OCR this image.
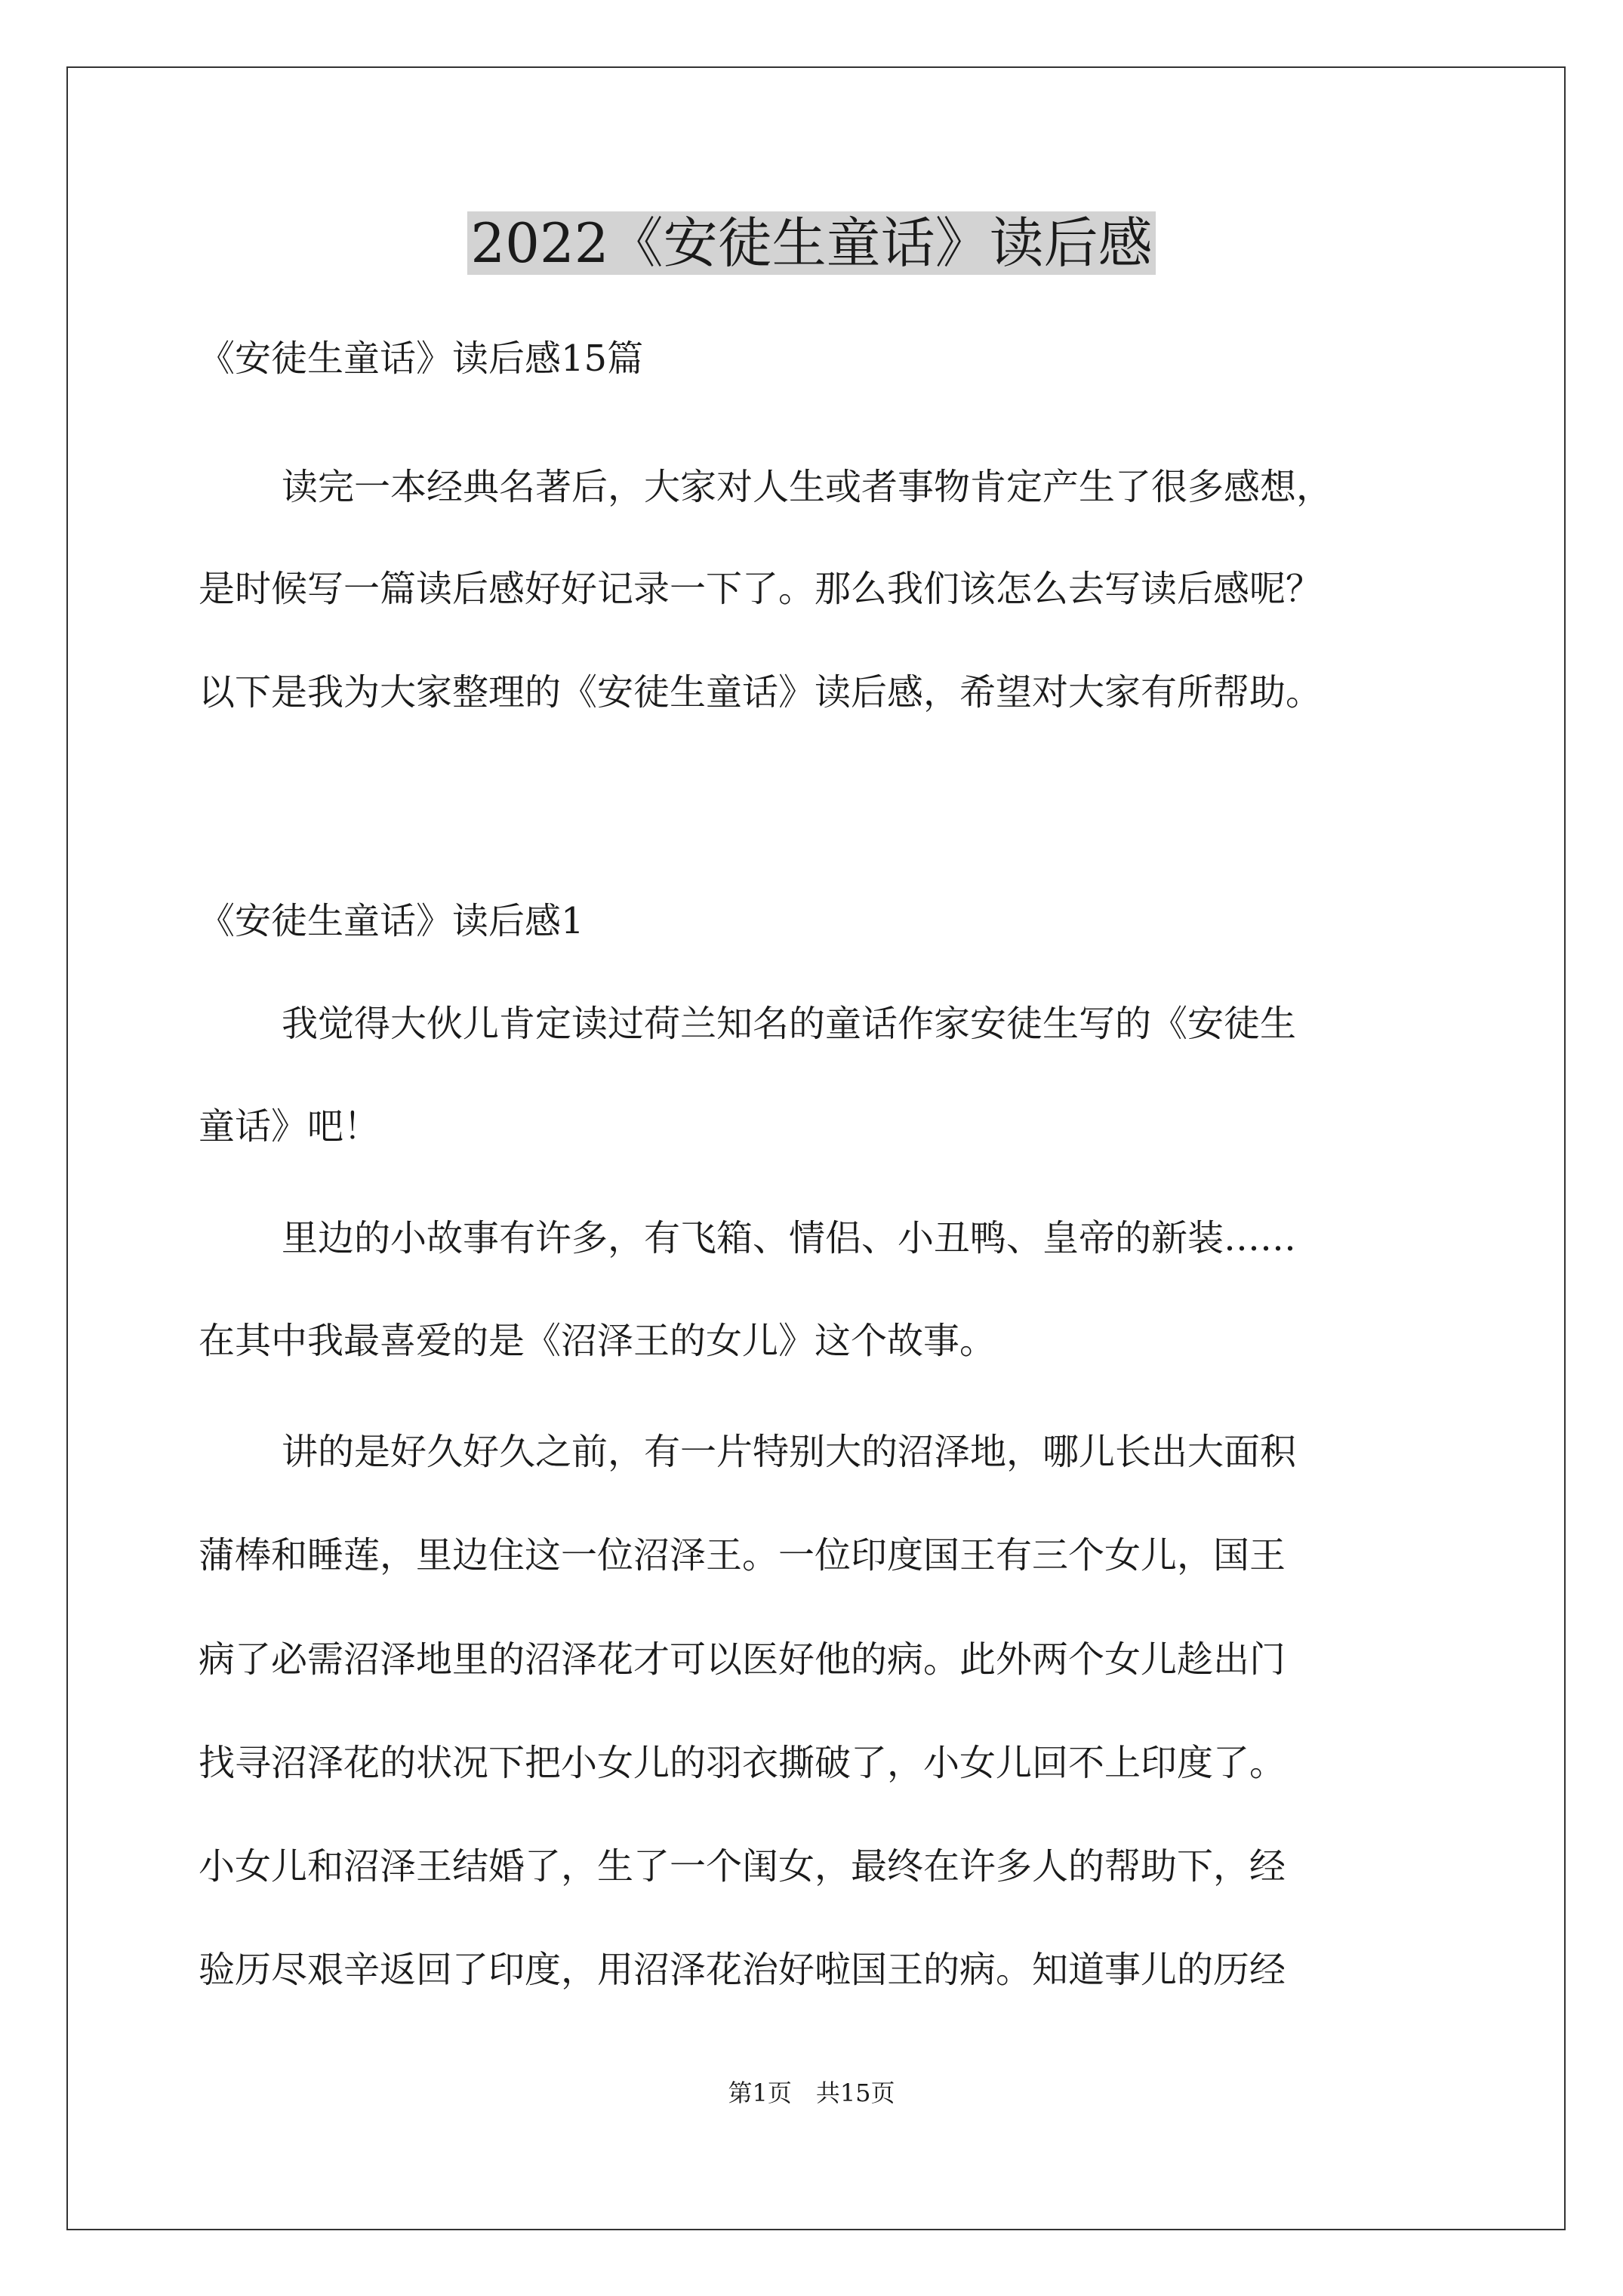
2022《安徒生童话》读后感
《安徒生童话》读后感15篇
读完一本经典名著后，大家对人生或者事物肯定产生了很多感想，
是时候写一篇读后感好好记录一下了。那么我们该怎么去写读后感呢？
以下是我为大家整理的《安徒生童话》读后感，希望对大家有所帮助。
《安徒生童话》读后感1
我觉得大伙儿肯定读过荷兰知名的童话作家安徒生写的《安徒生
童话》吧！
里边的小故事有许多，有飞箱、情侣、小丑鸭、皇帝的新装……
在其中我最喜爱的是《沼泽王的女儿》这个故事。
讲的是好久好久之前，有一片特别大的沼泽地，哪儿长出大面积
蒲棒和睡莲，里边住这一位沼泽王。一位印度国王有三个女儿，国王
病了必需沼泽地里的沼泽花才可以医好他的病。此外两个女儿趁出门
找寻沼泽花的状况下把小女儿的羽衣撕破了，小女儿回不上印度了。
小女儿和沼泽王结婚了，生了一个闺女，最终在许多人的帮助下，经
验历尽艰辛返回了印度，用沼泽花治好啦国王的病。知道事儿的历经
第1页　共15页
